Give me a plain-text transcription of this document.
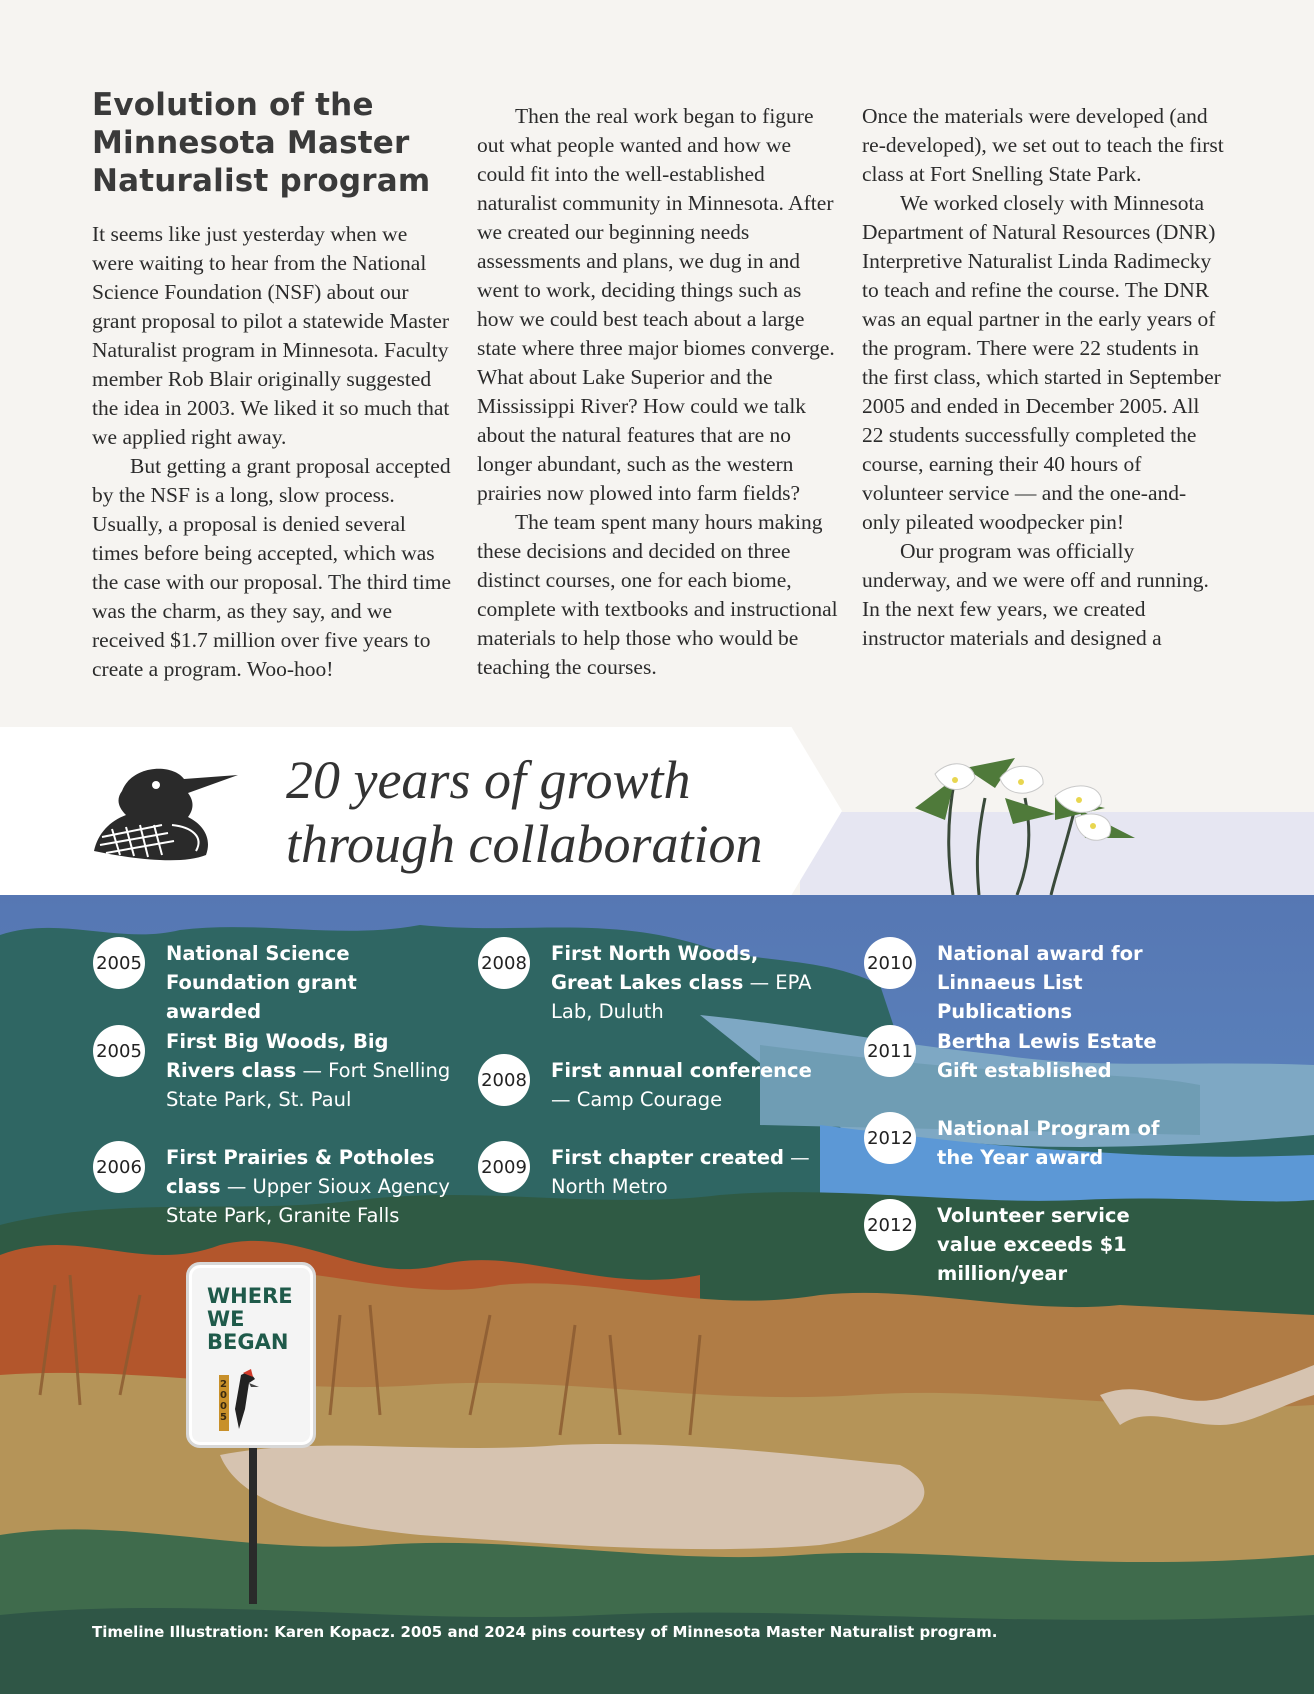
Evolution of the Minnesota Master Naturalist program

It seems like just yesterday when we were waiting to hear from the National Science Foundation (NSF) about our grant proposal to pilot a statewide Master Naturalist program in Minnesota. Faculty member Rob Blair originally suggested the idea in 2003. We liked it so much that we applied right away.

But getting a grant proposal accepted by the NSF is a long, slow process. Usually, a proposal is denied several times before being accepted, which was the case with our proposal. The third time was the charm, as they say, and we received $1.7 million over five years to create a program. Woo-hoo!

Then the real work began to figure out what people wanted and how we could fit into the well-established naturalist community in Minnesota. After we created our beginning needs assessments and plans, we dug in and went to work, deciding things such as how we could best teach about a large state where three major biomes converge. What about Lake Superior and the Mississippi River? How could we talk about the natural features that are no longer abundant, such as the western prairies now plowed into farm fields?

The team spent many hours making these decisions and decided on three distinct courses, one for each biome, complete with textbooks and instructional materials to help those who would be teaching the courses.

Once the materials were developed (and re-developed), we set out to teach the first class at Fort Snelling State Park.

We worked closely with Minnesota Department of Natural Resources (DNR) Interpretive Naturalist Linda Radimecky to teach and refine the course. The DNR was an equal partner in the early years of the program. There were 22 students in the first class, which started in September 2005 and ended in December 2005. All 22 students successfully completed the course, earning their 40 hours of volunteer service — and the one-and-only pileated woodpecker pin!

Our program was officially underway, and we were off and running. In the next few years, we created instructor materials and designed a

20 years of growth
through collaboration
2005 National Science Foundation grant awarded
2005 First Big Woods, Big Rivers class — Fort Snelling State Park, St. Paul
2006 First Prairies & Potholes class — Upper Sioux Agency State Park, Granite Falls
2008 First North Woods, Great Lakes class — EPA Lab, Duluth
2008 First annual conference — Camp Courage
2009 First chapter created — North Metro
2010 National award for Linnaeus List Publications
2011 Bertha Lewis Estate Gift established
2012 National Program of the Year award
2012 Volunteer service value exceeds $1 million/year
WHERE
WE
BEGAN
2005
Timeline Illustration: Karen Kopacz. 2005 and 2024 pins courtesy of Minnesota Master Naturalist program.
